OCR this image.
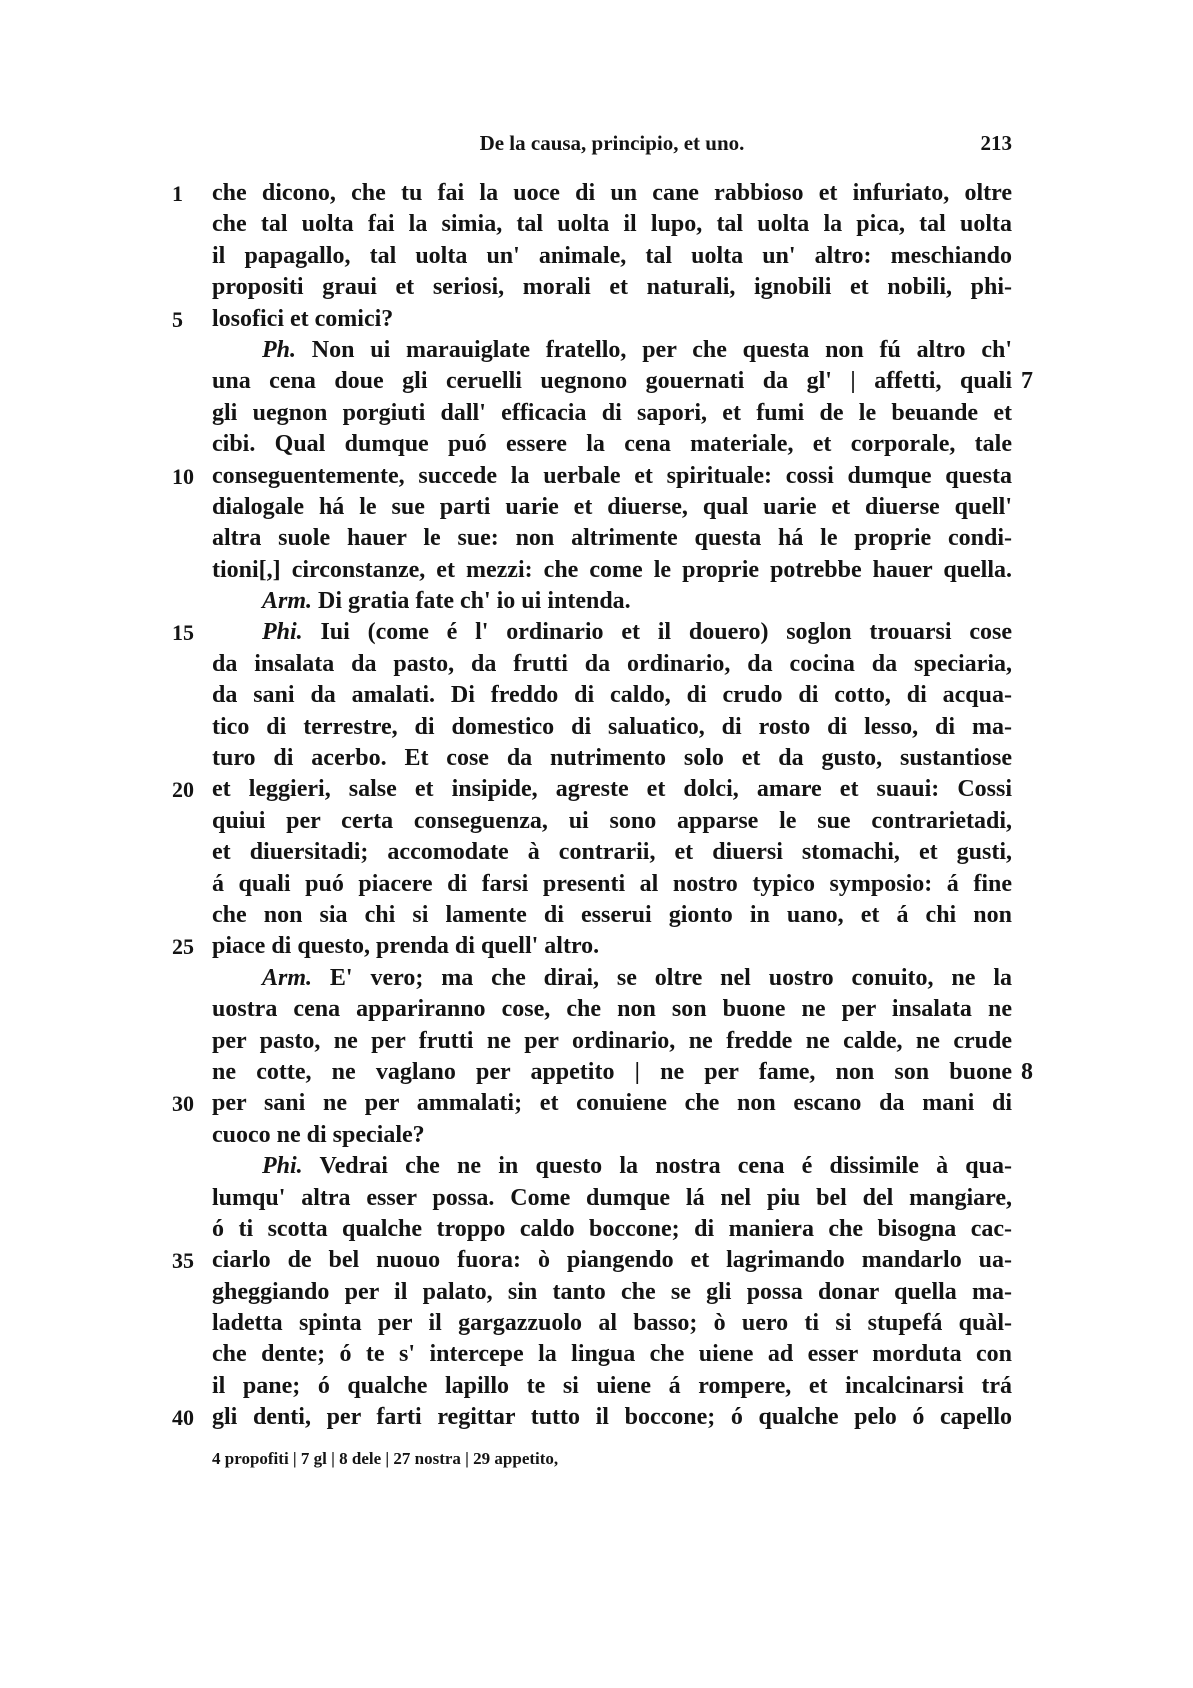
De la causa, principio, et uno.	213
1	che dicono, che tu fai la uoce di un cane rabbioso et infuriato, oltre
che tal uolta fai la simia, tal uolta il lupo, tal uolta la pica, tal uolta
il papagallo, tal uolta un' animale, tal uolta un' altro: meschiando
propositi graui et seriosi, morali et naturali, ignobili et nobili, phi-
5	losofici et comici?
Ph. Non ui marauiglate fratello, per che questa non fú altro ch'
una cena doue gli ceruelli uegnono gouernati da gl' | affetti, quali 7
gli uegnon porgiuti dall' efficacia di sapori, et fumi de le beuande et
cibi. Qual dumque puó essere la cena materiale, et corporale, tale
10 conseguentemente, succede la uerbale et spirituale: cossi dumque questa
dialogale há le sue parti uarie et diuerse, qual uarie et diuerse quell'
altra suole hauer le sue: non altrimente questa há le proprie condi-
tioni[,] circonstanze, et mezzi: che come le proprie potrebbe hauer quella.
Arm. Di gratia fate ch' io ui intenda.
15	Phi. Iui (come é l' ordinario et il douero) soglon trouarsi cose
da insalata da pasto, da frutti da ordinario, da cocina da speciaria,
da sani da amalati. Di freddo di caldo, di crudo di cotto, di acqua-
tico di terrestre, di domestico di saluatico, di rosto di lesso, di ma-
turo di acerbo. Et cose da nutrimento solo et da gusto, sustantiose
20 et leggieri, salse et insipide, agreste et dolci, amare et suaui: Cossi
quiui per certa conseguenza, ui sono apparse le sue contrarietadi,
et diuersitadi; accomodate à contrarii, et diuersi stomachi, et gusti,
á quali puó piacere di farsi presenti al nostro typico symposio: á fine
che non sia chi si lamente di esserui gionto in uano, et á chi non
25 piace di questo, prenda di quell' altro.
Arm. E' vero; ma che dirai, se oltre nel uostro conuito, ne la
uostra cena appariranno cose, che non son buone ne per insalata ne
per pasto, ne per frutti ne per ordinario, ne fredde ne calde, ne crude
ne cotte, ne vaglano per appetito | ne per fame, non son buone 8
30 per sani ne per ammalati; et conuiene che non escano da mani di
cuoco ne di speciale?
Phi. Vedrai che ne in questo la nostra cena é dissimile à qua-
lumqu' altra esser possa. Come dumque lá nel piu bel del mangiare,
ó ti scotta qualche troppo caldo boccone; di maniera che bisogna cac-
35 ciarlo de bel nuouo fuora: ò piangendo et lagrimando mandarlo ua-
gheggiando per il palato, sin tanto che se gli possa donar quella ma-
ladetta spinta per il gargazzuolo al basso; ò uero ti si stupefá quàl-
che dente; ó te s' intercepe la lingua che uiene ad esser morduta con
il pane; ó qualche lapillo te si uiene á rompere, et incalcinarsi trá
40 gli denti, per farti regittar tutto il boccone; ó qualche pelo ó capello
4 propofiti | 7 gl | 8 dele | 27 nostra | 29 appetito,
